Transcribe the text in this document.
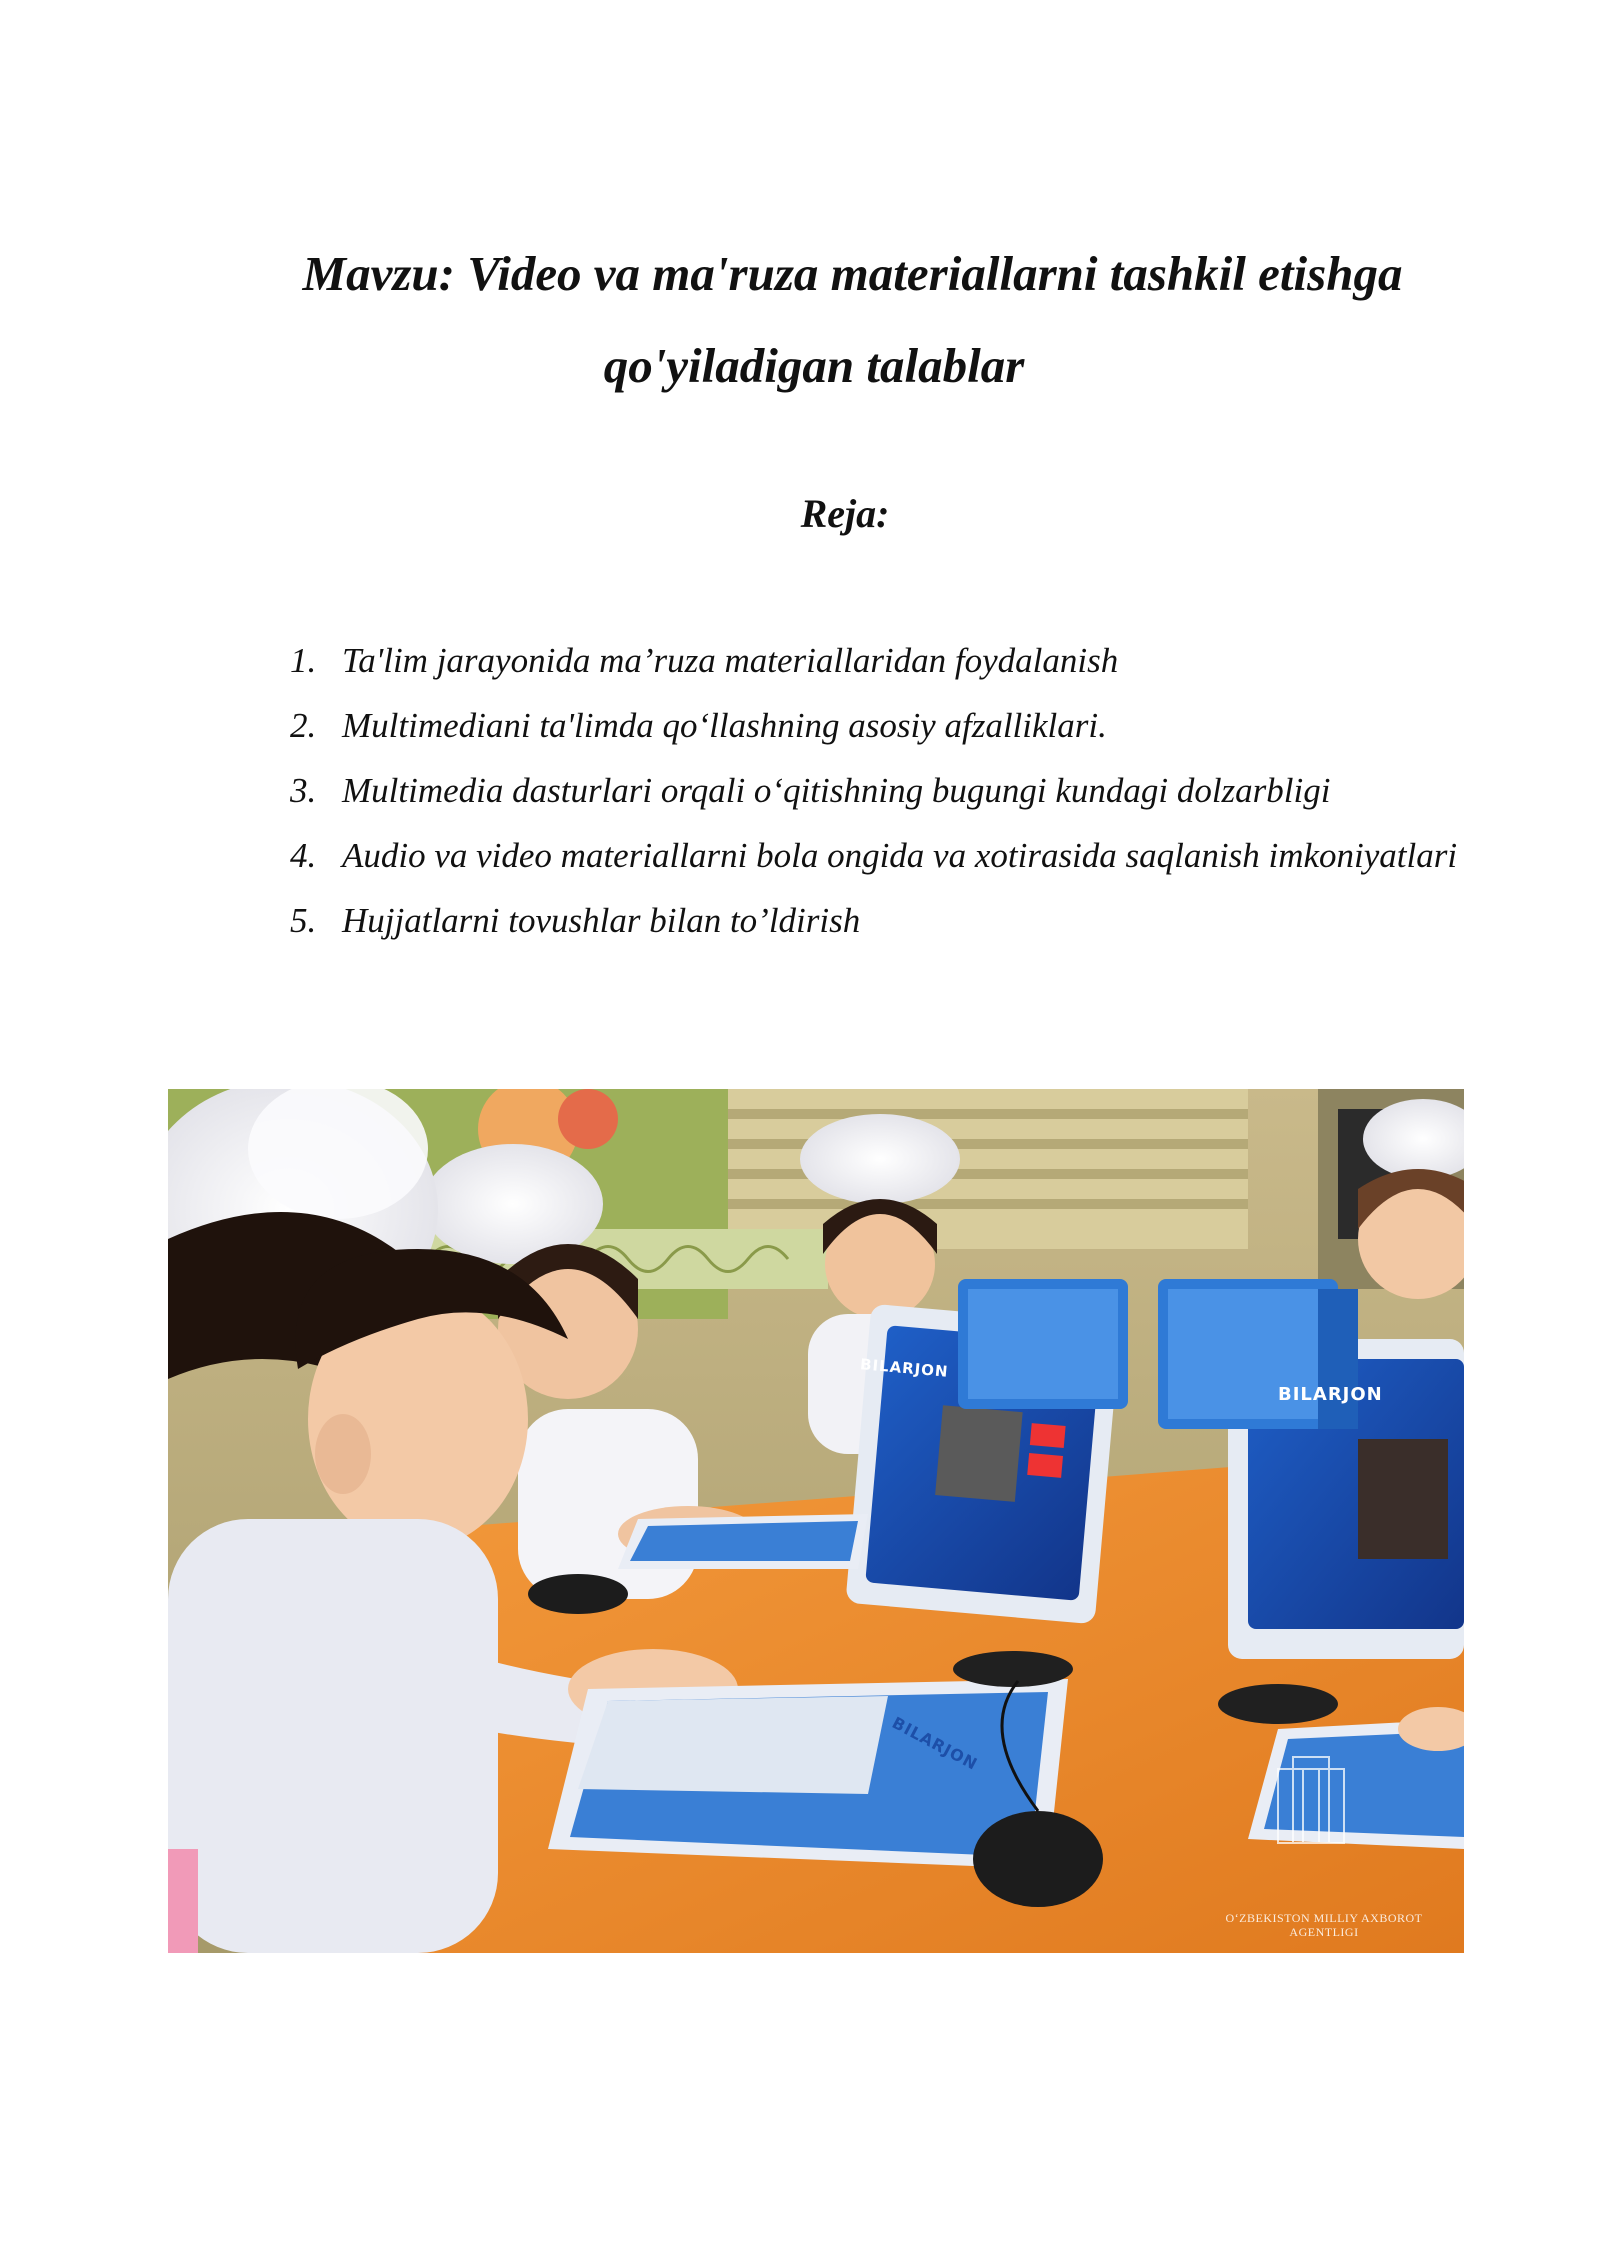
Mavzu: Video va ma'ruza materiallarni tashkil etishga
qo'yiladigan talablar
Reja:
1. Ta'lim jarayonida ma’ruza materiallaridan foydalanish
2. Multimediani ta'limda qo‘llashning asosiy afzalliklari.
3. Multimedia dasturlari orqali o‘qitishning bugungi kundagi dolzarbligi
4. Audio va video materiallarni bola ongida va xotirasida saqlanish imkoniyatlari
5. Hujjatlarni tovushlar bilan to’ldirish
BILARJON
BILARJON
BILARJON
O‘ZBEKISTON MILLIY AXBOROT
AGENTLIGI
